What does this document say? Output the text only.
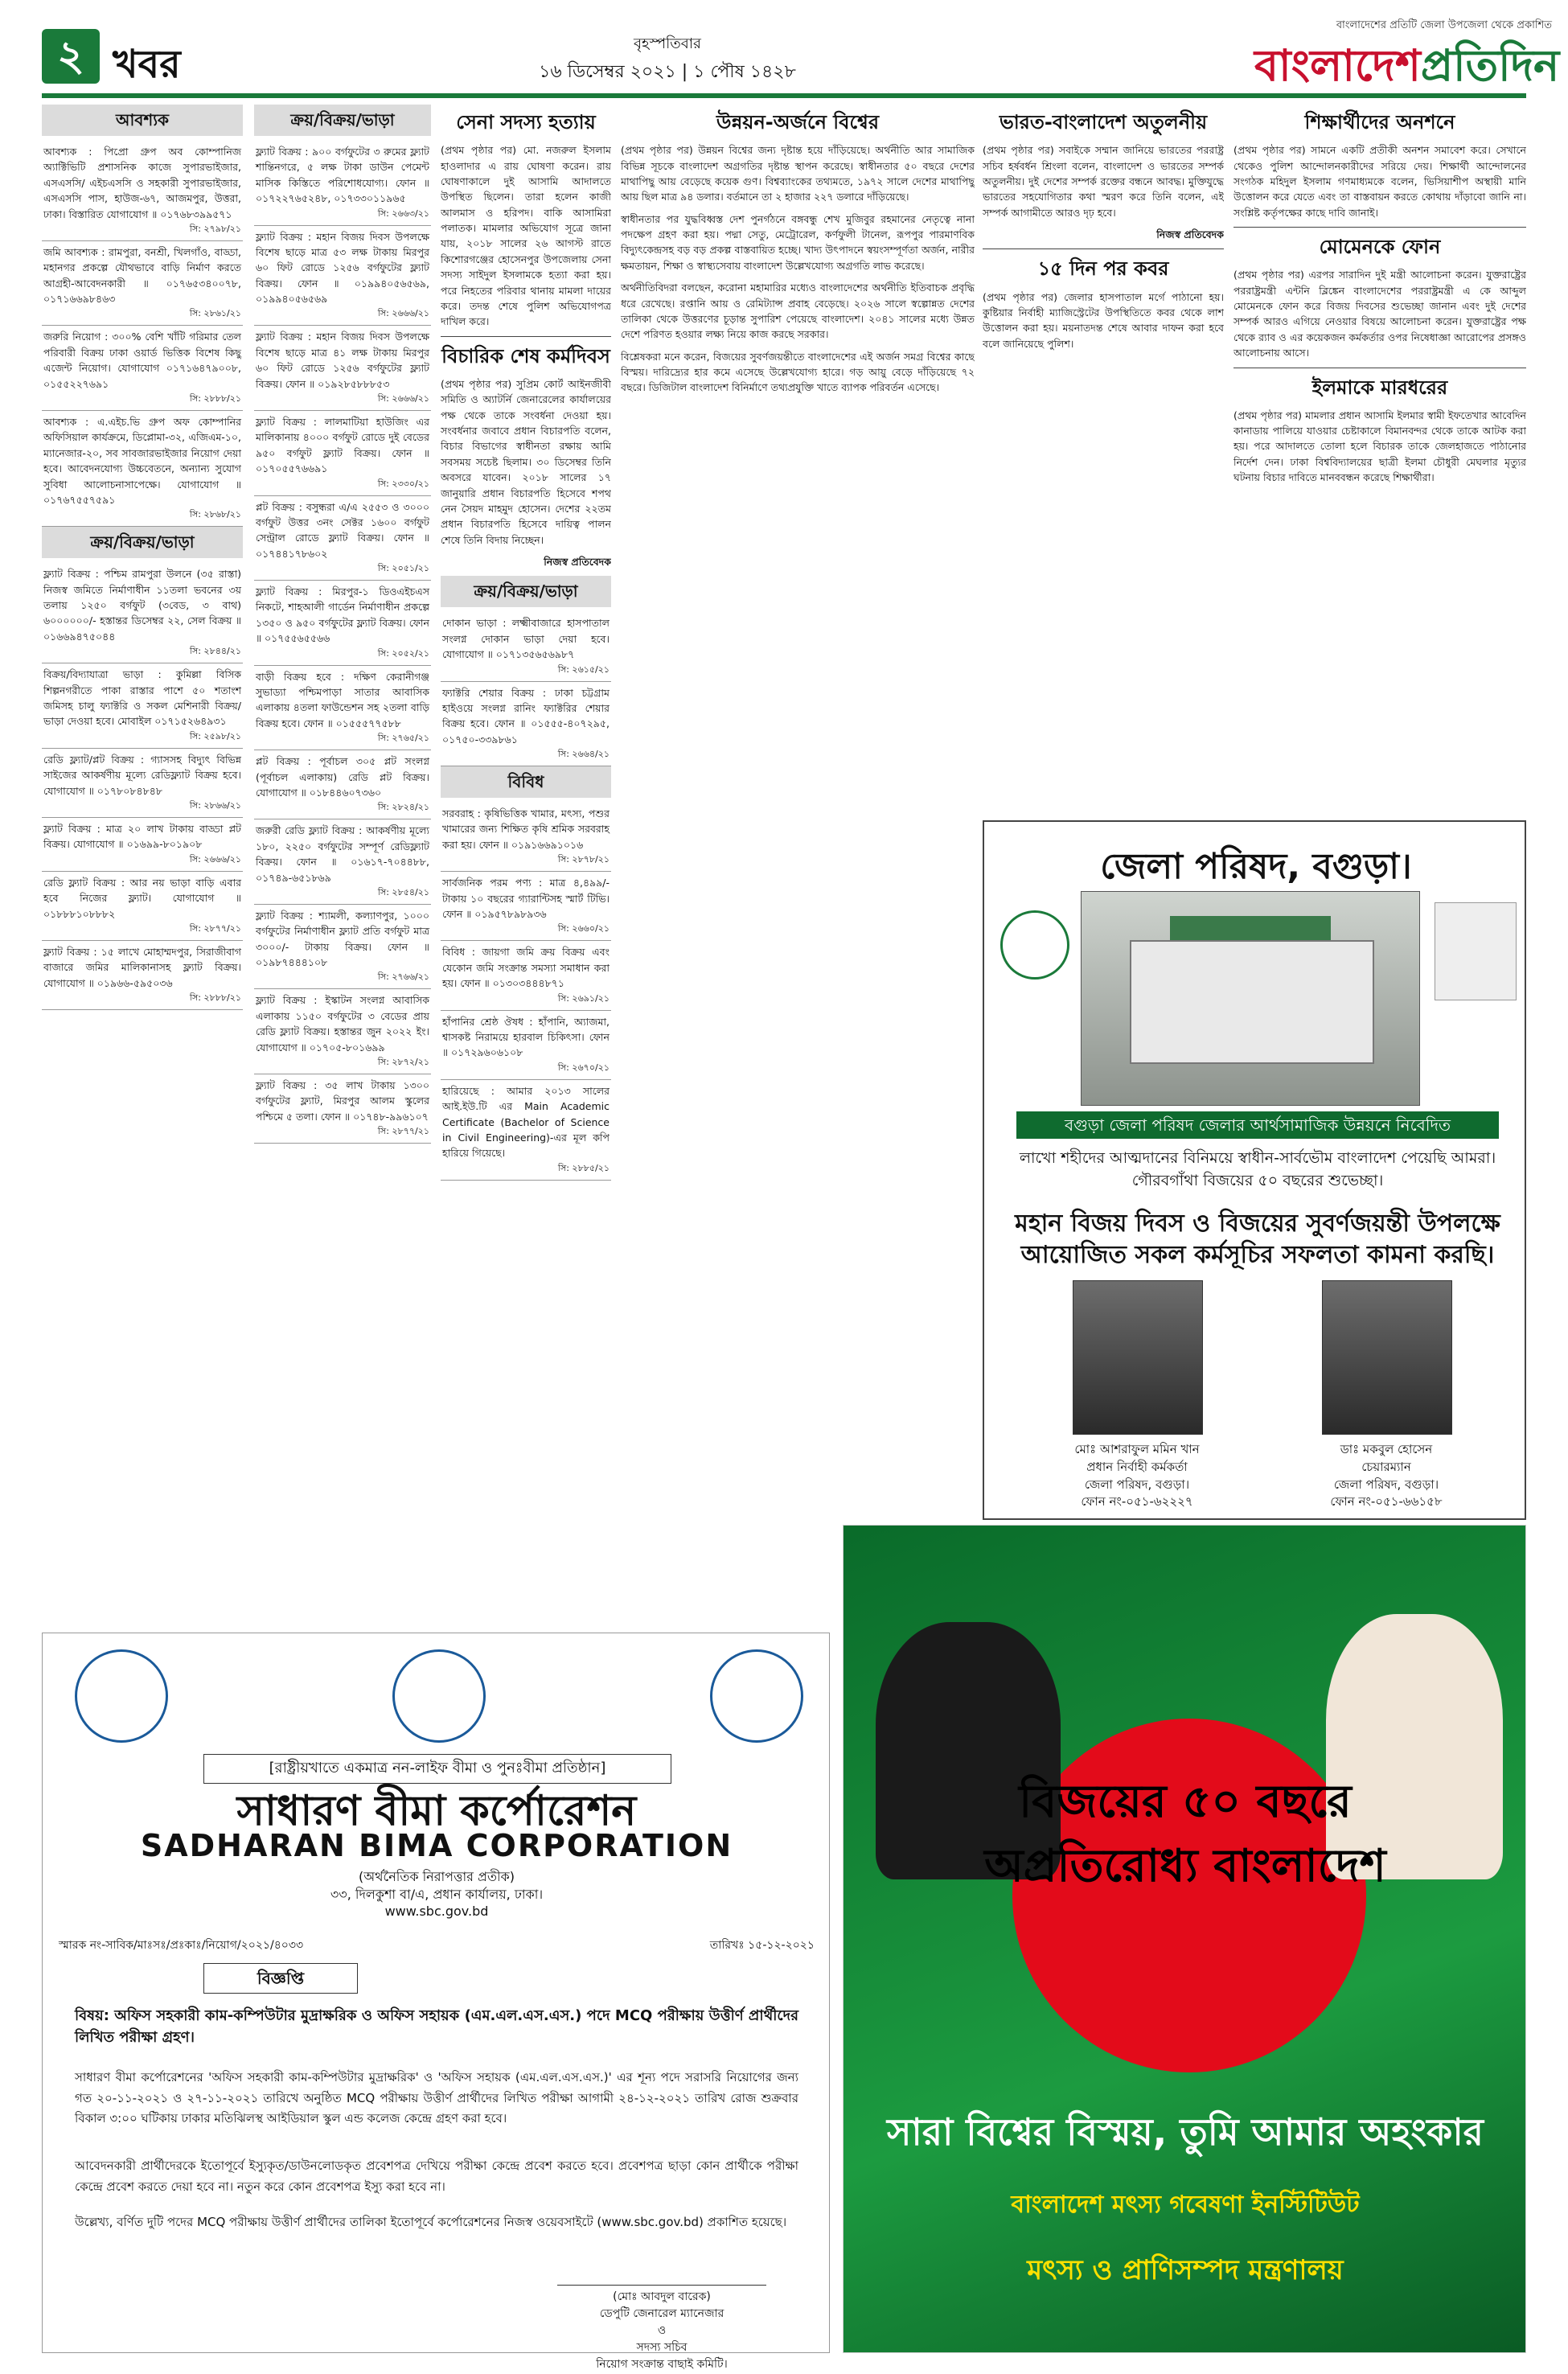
২ খবর	বৃহস্পতিবার
১৬ ডিসেম্বর ২০২১ | ১ পৌষ ১৪২৮
বাংলাদেশের প্রতিটি জেলা উপজেলা থেকে প্রকাশিত
বাংলাদেশপ্রতিদিন
আবশ্যক
আবশ্যক : পিপ্রো গ্রুপ অব কোম্পানিজ অ্যাক্টিভিটি প্রশাসনিক কাজে সুপারভাইজার, এসএসসি/ এইচএসসি ও সহকারী সুপারভাইজার, এসএসসি পাস, হাউজ-৬৭, আজমপুর, উত্তরা, ঢাকা। বিস্তারিত যোগাযোগ ॥ ০১৭৬৮৩৯৯৫৭১
সি: ২৭৯৮/২১
জমি আবশ্যক : রামপুরা, বনশ্রী, খিলগাঁও, বাড্ডা, মহানগর প্রকল্পে যৌথভাবে বাড়ি নির্মাণ করতে আগ্রহী-আবেদনকারী ॥ ০১৭৬৫৩৪০০৭৮, ০১৭১৬৬৯৮৪৬৩
সি: ২৮৬১/২১
জরুরি নিয়োগ : ৩০০% বেশি খাঁটি গরিমার তেল পরিবারী বিক্রয় ঢাকা ওয়ার্ড ভিত্তিক বিশেষ কিছু এজেন্ট নিয়োগ। যোগাযোগ ০১৭১৬৪৭৯০০৮, ০১৫৫২২৭৬৯১
সি: ২৮৮৮/২১
আবশ্যক : এ.এইচ.ভি গ্রুপ অফ কোম্পানির অফিসিয়াল কার্যক্রমে, ডিপ্লোমা-৩২, এজিএম-১০, ম্যানেজার-২০, সব সাবজারভাইজার নিয়োগ দেয়া হবে। আবেদনযোগ্য উচ্চবেতনে, অন্যান্য সুযোগ সুবিধা আলোচনাসাপেক্ষে। যোগাযোগ ॥ ০১৭৬৭৫৫৭৫৯১
সি: ২৮৬৮/২১
ক্রয়/বিক্রয়/ভাড়া
ফ্ল্যাট বিক্রয় : পশ্চিম রামপুরা উলনে (৩৫ রাস্তা) নিজস্ব জমিতে নির্মাণাধীন ১১তলা ভবনের ৩য় তলায় ১২৫০ বর্গফুট (৩বেড, ৩ বাথ) ৬০০০০০০/- হস্তান্তর ডিসেম্বর ২২, সেল বিক্রয় ॥ ০১৬৬৯৪৭৫০৪৪
সি: ২৮৪৪/২১
বিক্রয়/বিদ্যাযাত্রা ভাড়া : কুমিল্লা বিসিক শিল্পনগরীতে পাকা রাস্তার পাশে ৫০ শতাংশ জমিসহ চালু ফ্যাক্টরি ও সকল মেশিনারী বিক্রয়/ভাড়া দেওয়া হবে। মোবাইল ০১৭১৫২৬৪৯৩১
সি: ২৫৯৮/২১
রেডি ফ্ল্যাট/প্লট বিক্রয় : গ্যাসসহ বিদ্যুৎ বিভিন্ন সাইজের আকর্ষণীয় মূল্যে রেডিফ্ল্যাট বিক্রয় হবে। যোগাযোগ ॥ ০১৭৮০৮৪৮৪৮
সি: ২৮৬৬/২১
ফ্ল্যাট বিক্রয় : মাত্র ২০ লাখ টাকায় বাড্ডা প্লট বিক্রয়। যোগাযোগ ॥ ০১৬৯৯-৮০১৯০৮
সি: ২৬৬৬/২১
রেডি ফ্ল্যাট বিক্রয় : আর নয় ভাড়া বাড়ি এবার হবে নিজের ফ্ল্যাট। যোগাযোগ ॥ ০১৮৮৮১০৮৮৮২
সি: ২৮৭৭/২১
ফ্ল্যাট বিক্রয় : ১৫ লাখে মোহাম্মদপুর, সিরাজীবাগ বাজারে জমির মালিকানাসহ ফ্ল্যাট বিক্রয়। যোগাযোগ ॥ ০১৯৬৬-৫৯৫০৩৬
সি: ২৮৮৮/২১
ক্রয়/বিক্রয়/ভাড়া
ফ্ল্যাট বিক্রয় : ৯০০ বর্গফুটের ৩ রুমের ফ্ল্যাট শান্তিনগরে, ৫ লক্ষ টাকা ডাউন পেমেন্ট মাসিক কিস্তিতে পরিশোধযোগ্য। ফোন ॥ ০১৭২২৭৬৫২৪৮, ০১৭৩৩০১১৯৬৫
সি: ২৬৬৩/২১
ফ্ল্যাট বিক্রয় : মহান বিজয় দিবস উপলক্ষে বিশেষ ছাড়ে মাত্র ৫৩ লক্ষ টাকায় মিরপুর ৬০ ফিট রোডে ১২৫৬ বর্গফুটের ফ্ল্যাট বিক্রয়। ফোন ॥ ০১৯৯৪০৫৬৫৬৯, ০১৯৯৪০৫৬৫৬৯
সি: ২৬৬৬/২১
ফ্ল্যাট বিক্রয় : মহান বিজয় দিবস উপলক্ষে বিশেষ ছাড়ে মাত্র ৪১ লক্ষ টাকায় মিরপুর ৬০ ফিট রোডে ১২৫৬ বর্গফুটের ফ্ল্যাট বিক্রয়। ফোন ॥ ০১৯২৮৫৮৮৮৫৩
সি: ২৬৬৬/২১
ফ্ল্যাট বিক্রয় : লালমাটিয়া হাউজিং এর মালিকানায় ৪০০০ বর্গফুট রোডে দুই বেডের ৯৫০ বর্গফুট ফ্ল্যাট বিক্রয়। ফোন ॥ ০১৭০৫৫৭৬৬৯১
সি: ২৩৩০/২১
প্লট বিক্রয় : বসুন্ধরা এ/এ ২৫৫৩ ও ৩০০০ বর্গফুট উত্তর ৩নং সেক্টর ১৬০০ বর্গফুট সেন্ট্রাল রোডে ফ্ল্যাট বিক্রয়। ফোন ॥ ০১৭৪৪১৭৮৬০২
সি: ২০৫১/২১
ফ্ল্যাট বিক্রয় : মিরপুর-১ ডিওএইচএস নিকটে, শাহআলী গার্ডেন নির্মাণাধীন প্রকল্পে ১৩৫০ ও ৯৫০ বর্গফুটের ফ্ল্যাট বিক্রয়। ফোন ॥ ০১৭৫৫৬৫৫৬৬
সি: ২০৫২/২১
বাড়ী বিক্রয় হবে : দক্ষিণ কেরানীগঞ্জ সুভাড্যা পশ্চিমপাড়া সাতার আবাসিক এলাকায় ৪তলা ফাউন্ডেশন সহ ২তলা বাড়ি বিক্রয় হবে। ফোন ॥ ০১৫৫৫৭৭৫৮৮
সি: ২৭৬৫/২১
প্লট বিক্রয় : পূর্বাচল ৩০৫ প্লট সংলগ্ন (পূর্বাচল এলাকায়) রেডি প্লট বিক্রয়। যোগাযোগ ॥ ০১৮৪৪৬০৭৩৬০
সি: ২৮২৪/২১
জরুরী রেডি ফ্ল্যাট বিক্রয় : আকর্ষণীয় মূল্যে ১৮০, ২২৫০ বর্গফুটের সম্পূর্ণ রেডিফ্ল্যাট বিক্রয়। ফোন ॥ ০১৬১৭-৭০৪৪৮৮, ০১৭৪৯-৬৫১৮৬৯
সি: ২৮৫৪/২১
ফ্ল্যাট বিক্রয় : শ্যামলী, কল্যাণপুর, ১০০০ বর্গফুটের নির্মাণাধীন ফ্ল্যাট প্রতি বর্গফুট মাত্র ৩০০০/- টাকায় বিক্রয়। ফোন ॥ ০১৯৮৭৪৪৪১০৮
সি: ২৭৬৬/২১
ফ্ল্যাট বিক্রয় : ইস্কাটন সংলগ্ন আবাসিক এলাকায় ১১৫০ বর্গফুটের ৩ বেডের প্রায় রেডি ফ্ল্যাট বিক্রয়। হস্তান্তর জুন ২০২২ ইং। যোগাযোগ ॥ ০১৭০৫-৮০১৬৯৯
সি: ২৮৭২/২১
ফ্ল্যাট বিক্রয় : ৩৫ লাখ টাকায় ১৩০০ বর্গফুটের ফ্ল্যাট, মিরপুর আলম স্কুলের পশ্চিমে ৫ তলা। ফোন ॥ ০১৭৪৮-৯৯৬১০৭
সি: ২৮৭৭/২১
সেনা সদস্য হত্যায়

(প্রথম পৃষ্ঠার পর) মো. নজরুল ইসলাম হাওলাদার এ রায় ঘোষণা করেন। রায় ঘোষণাকালে দুই আসামি আদালতে উপস্থিত ছিলেন। তারা হলেন কাজী আলমাস ও হরিপদ। বাকি আসামিরা পলাতক। মামলার অভিযোগ সূত্রে জানা যায়, ২০১৮ সালের ২৬ আগস্ট রাতে কিশোরগঞ্জের হোসেনপুর উপজেলায় সেনা সদস্য সাইদুল ইসলামকে হত্যা করা হয়। পরে নিহতের পরিবার থানায় মামলা দায়ের করে। তদন্ত শেষে পুলিশ অভিযোগপত্র দাখিল করে।

বিচারিক শেষ কর্মদিবস

(প্রথম পৃষ্ঠার পর) সুপ্রিম কোর্ট আইনজীবী সমিতি ও অ্যাটর্নি জেনারেলের কার্যালয়ের পক্ষ থেকে তাকে সংবর্ধনা দেওয়া হয়। সংবর্ধনার জবাবে প্রধান বিচারপতি বলেন, বিচার বিভাগের স্বাধীনতা রক্ষায় আমি সবসময় সচেষ্ট ছিলাম। ৩০ ডিসেম্বর তিনি অবসরে যাবেন। ২০১৮ সালের ১৭ জানুয়ারি প্রধান বিচারপতি হিসেবে শপথ নেন সৈয়দ মাহমুদ হোসেন। দেশের ২২তম প্রধান বিচারপতি হিসেবে দায়িত্ব পালন শেষে তিনি বিদায় নিচ্ছেন।

নিজস্ব প্রতিবেদক

ক্রয়/বিক্রয়/ভাড়া
দোকান ভাড়া : লক্ষ্মীবাজারে হাসপাতাল সংলগ্ন দোকান ভাড়া দেয়া হবে। যোগাযোগ ॥ ০১৭১৩৫৬৫৬৯৮৭
সি: ২৬১৫/২১
ফ্যাক্টরি শেয়ার বিক্রয় : ঢাকা চট্টগ্রাম হাইওয়ে সংলগ্ন রানিং ফ্যাক্টরির শেয়ার বিক্রয় হবে। ফোন ॥ ০১৫৫৫-৪০৭২৯৫, ০১৭৫০-৩৩৯৮৬১
সি: ২৬৬৪/২১
বিবিধ
সরবরাহ : কৃষিভিত্তিক খামার, মৎস্য, পশুর খামারের জন্য শিক্ষিত কৃষি শ্রমিক সরবরাহ করা হয়। ফোন ॥ ০১৯১৬৬৯১০১৬
সি: ২৮৭৮/২১
সার্বজনিক পরম পণ্য : মাত্র ৪,৪৯৯/- টাকায় ১০ বছরের গ্যারান্টিসহ স্মার্ট টিভি। ফোন ॥ ০১৯৫৭৮৯৮৯৩৬
সি: ২৬৬০/২১
বিবিধ : জায়গা জমি ক্রয় বিক্রয় এবং যেকোন জমি সংক্রান্ত সমস্যা সমাধান করা হয়। ফোন ॥ ০১৩০৩৪৪৪৮৭১
সি: ২৬৯১/২১
হাঁপানির শ্রেষ্ঠ ঔষধ : হাঁপানি, অ্যাজমা, শ্বাসকষ্ট নিরাময়ে হারবাল চিকিৎসা। ফোন ॥ ০১৭২৯৬০৬১০৮
সি: ২৬৭০/২১
হারিয়েছে : আমার ২০১৩ সালের আই.ইউ.টি এর Main Academic Certificate (Bachelor of Science in Civil Engineering)-এর মূল কপি হারিয়ে গিয়েছে।
সি: ২৮৮৫/২১
উন্নয়ন-অর্জনে বিশ্বের

(প্রথম পৃষ্ঠার পর) উন্নয়ন বিশ্বের জন্য দৃষ্টান্ত হয়ে দাঁড়িয়েছে। অর্থনীতি আর সামাজিক বিভিন্ন সূচকে বাংলাদেশ অগ্রগতির দৃষ্টান্ত স্থাপন করেছে। স্বাধীনতার ৫০ বছরে দেশের মাথাপিছু আয় বেড়েছে কয়েক গুণ। বিশ্বব্যাংকের তথ্যমতে, ১৯৭২ সালে দেশের মাথাপিছু আয় ছিল মাত্র ৯৪ ডলার। বর্তমানে তা ২ হাজার ২২৭ ডলারে দাঁড়িয়েছে।

স্বাধীনতার পর যুদ্ধবিধ্বস্ত দেশ পুনর্গঠনে বঙ্গবন্ধু শেখ মুজিবুর রহমানের নেতৃত্বে নানা পদক্ষেপ গ্রহণ করা হয়। পদ্মা সেতু, মেট্রোরেল, কর্ণফুলী টানেল, রূপপুর পারমাণবিক বিদ্যুৎকেন্দ্রসহ বড় বড় প্রকল্প বাস্তবায়িত হচ্ছে। খাদ্য উৎপাদনে স্বয়ংসম্পূর্ণতা অর্জন, নারীর ক্ষমতায়ন, শিক্ষা ও স্বাস্থ্যসেবায় বাংলাদেশ উল্লেখযোগ্য অগ্রগতি লাভ করেছে।

অর্থনীতিবিদরা বলছেন, করোনা মহামারির মধ্যেও বাংলাদেশের অর্থনীতি ইতিবাচক প্রবৃদ্ধি ধরে রেখেছে। রপ্তানি আয় ও রেমিট্যান্স প্রবাহ বেড়েছে। ২০২৬ সালে স্বল্পোন্নত দেশের তালিকা থেকে উত্তরণের চূড়ান্ত সুপারিশ পেয়েছে বাংলাদেশ। ২০৪১ সালের মধ্যে উন্নত দেশে পরিণত হওয়ার লক্ষ্য নিয়ে কাজ করছে সরকার।

বিশ্লেষকরা মনে করেন, বিজয়ের সুবর্ণজয়ন্তীতে বাংলাদেশের এই অর্জন সমগ্র বিশ্বের কাছে বিস্ময়। দারিদ্র্যের হার কমে এসেছে উল্লেখযোগ্য হারে। গড় আয়ু বেড়ে দাঁড়িয়েছে ৭২ বছরে। ডিজিটাল বাংলাদেশ বিনির্মাণে তথ্যপ্রযুক্তি খাতে ব্যাপক পরিবর্তন এসেছে।

ভারত-বাংলাদেশ অতুলনীয়

(প্রথম পৃষ্ঠার পর) সবাইকে সম্মান জানিয়ে ভারতের পররাষ্ট্র সচিব হর্ষবর্ধন শ্রিংলা বলেন, বাংলাদেশ ও ভারতের সম্পর্ক অতুলনীয়। দুই দেশের সম্পর্ক রক্তের বন্ধনে আবদ্ধ। মুক্তিযুদ্ধে ভারতের সহযোগিতার কথা স্মরণ করে তিনি বলেন, এই সম্পর্ক আগামীতে আরও দৃঢ় হবে।

নিজস্ব প্রতিবেদক

১৫ দিন পর কবর

(প্রথম পৃষ্ঠার পর) জেলার হাসপাতাল মর্গে পাঠানো হয়। কুষ্টিয়ার নির্বাহী ম্যাজিস্ট্রেটের উপস্থিতিতে কবর থেকে লাশ উত্তোলন করা হয়। ময়নাতদন্ত শেষে আবার দাফন করা হবে বলে জানিয়েছে পুলিশ।

শিক্ষার্থীদের অনশনে

(প্রথম পৃষ্ঠার পর) সামনে একটি প্রতীকী অনশন সমাবেশ করে। সেখানে থেকেও পুলিশ আন্দোলনকারীদের সরিয়ে দেয়। শিক্ষার্থী আন্দোলনের সংগঠক মহিদুল ইসলাম গণমাধ্যমকে বলেন, ভিসিয়াশীপ অস্থায়ী মানি উত্তোলন করে যেতে এবং তা বাস্তবায়ন করতে কোথায় দাঁড়াবো জানি না। সংশ্লিষ্ট কর্তৃপক্ষের কাছে দাবি জানাই।

মোমেনকে ফোন

(প্রথম পৃষ্ঠার পর) এরপর সারাদিন দুই মন্ত্রী আলোচনা করেন। যুক্তরাষ্ট্রের পররাষ্ট্রমন্ত্রী এন্টনি ব্লিঙ্কেন বাংলাদেশের পররাষ্ট্রমন্ত্রী এ কে আব্দুল মোমেনকে ফোন করে বিজয় দিবসের শুভেচ্ছা জানান এবং দুই দেশের সম্পর্ক আরও এগিয়ে নেওয়ার বিষয়ে আলোচনা করেন। যুক্তরাষ্ট্রের পক্ষ থেকে র‍্যাব ও এর কয়েকজন কর্মকর্তার ওপর নিষেধাজ্ঞা আরোপের প্রসঙ্গও আলোচনায় আসে।

ইলমাকে মারধরের

(প্রথম পৃষ্ঠার পর) মামলার প্রধান আসামি ইলমার স্বামী ইফতেখার আবেদিন কানাডায় পালিয়ে যাওয়ার চেষ্টাকালে বিমানবন্দর থেকে তাকে আটক করা হয়। পরে আদালতে তোলা হলে বিচারক তাকে জেলহাজতে পাঠানোর নির্দেশ দেন। ঢাকা বিশ্ববিদ্যালয়ের ছাত্রী ইলমা চৌধুরী মেঘলার মৃত্যুর ঘটনায় বিচার দাবিতে মানববন্ধন করেছে শিক্ষার্থীরা।

জেলা পরিষদ, বগুড়া।
বগুড়া জেলা পরিষদ জেলার আর্থসামাজিক উন্নয়নে নিবেদিত
লাখো শহীদের আত্মদানের বিনিময়ে স্বাধীন-সার্বভৌম বাংলাদেশ পেয়েছি আমরা।
গৌরবগাঁথা বিজয়ের ৫০ বছরের শুভেচ্ছা।
মহান বিজয় দিবস ও বিজয়ের সুবর্ণজয়ন্তী উপলক্ষে আয়োজিত সকল কর্মসূচির সফলতা কামনা করছি।
মোঃ আশরাফুল মমিন খান
প্রধান নির্বাহী কর্মকর্তা
জেলা পরিষদ, বগুড়া।
ফোন নং-০৫১-৬২২২৭
ডাঃ মকবুল হোসেন
চেয়ারম্যান
জেলা পরিষদ, বগুড়া।
ফোন নং-০৫১-৬৬১৫৮
বিজয়ের ৫০ বছরে
অপ্রতিরোধ্য বাংলাদেশ
সারা বিশ্বের বিস্ময়, তুমি আমার অহংকার
বাংলাদেশ মৎস্য গবেষণা ইনস্টিটিউট
মৎস্য ও প্রাণিসম্পদ মন্ত্রণালয়
[রাষ্ট্রীয়খাতে একমাত্র নন-লাইফ বীমা ও পুনঃবীমা প্রতিষ্ঠান]
সাধারণ বীমা কর্পোরেশন
SADHARAN BIMA CORPORATION
(অর্থনৈতিক নিরাপত্তার প্রতীক)
৩৩, দিলকুশা বা/এ, প্রধান কার্যালয়, ঢাকা।
www.sbc.gov.bd
স্মারক নং-সাবিক/মাঃসঃ/প্রঃকাঃ/নিয়োগ/২০২১/৪০৩৩	তারিখঃ ১৫-১২-২০২১
বিজ্ঞপ্তি
বিষয়: অফিস সহকারী কাম-কম্পিউটার মুদ্রাক্ষরিক ও অফিস সহায়ক (এম.এল.এস.এস.) পদে MCQ পরীক্ষায় উত্তীর্ণ প্রার্থীদের লিখিত পরীক্ষা গ্রহণ।
সাধারণ বীমা কর্পোরেশনের 'অফিস সহকারী কাম-কম্পিউটার মুদ্রাক্ষরিক' ও 'অফিস সহায়ক (এম.এল.এস.এস.)' এর শূন্য পদে সরাসরি নিয়োগের জন্য গত ২০-১১-২০২১ ও ২৭-১১-২০২১ তারিখে অনুষ্ঠিত MCQ পরীক্ষায় উত্তীর্ণ প্রার্থীদের লিখিত পরীক্ষা আগামী ২৪-১২-২০২১ তারিখ রোজ শুক্রবার বিকাল ৩:০০ ঘটিকায় ঢাকার মতিঝিলস্থ আইডিয়াল স্কুল এন্ড কলেজ কেন্দ্রে গ্রহণ করা হবে।
আবেদনকারী প্রার্থীদেরকে ইতোপূর্বে ইস্যুকৃত/ডাউনলোডকৃত প্রবেশপত্র দেখিয়ে পরীক্ষা কেন্দ্রে প্রবেশ করতে হবে। প্রবেশপত্র ছাড়া কোন প্রার্থীকে পরীক্ষা কেন্দ্রে প্রবেশ করতে দেয়া হবে না। নতুন করে কোন প্রবেশপত্র ইস্যু করা হবে না।
উল্লেখ্য, বর্ণিত দুটি পদের MCQ পরীক্ষায় উত্তীর্ণ প্রার্থীদের তালিকা ইতোপূর্বে কর্পোরেশনের নিজস্ব ওয়েবসাইটে (www.sbc.gov.bd) প্রকাশিত হয়েছে।
(মোঃ আবদুল বারেক)
ডেপুটি জেনারেল ম্যানেজার
ও
সদস্য সচিব
নিয়োগ সংক্রান্ত বাছাই কমিটি।
